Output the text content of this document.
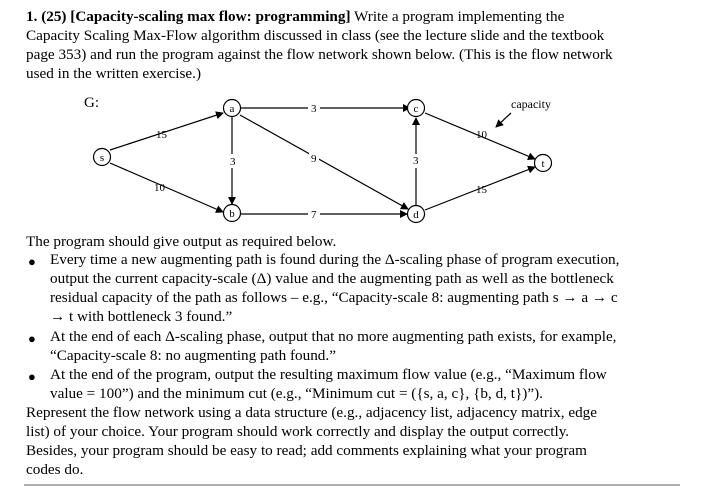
1. (25) [Capacity-scaling max flow: programming] Write a program implementing the
Capacity Scaling Max-Flow algorithm discussed in class (see the lecture slide and the textbook
page 353) and run the program against the flow network shown below. (This is the flow network
used in the written exercise.)
G:	capacity
15
10
3
3	9
7
3
10
15
s
a
b
c
d
t
The program should give output as required below.
● Every time a new augmenting path is found during the Δ-scaling phase of program execution,
output the current capacity-scale (Δ) value and the augmenting path as well as the bottleneck
residual capacity of the path as follows – e.g., “Capacity-scale 8: augmenting path s → a → c
→ t with bottleneck 3 found.”
● At the end of each Δ-scaling phase, output that no more augmenting path exists, for example,
“Capacity-scale 8: no augmenting path found.”
● At the end of the program, output the resulting maximum flow value (e.g., “Maximum flow
value = 100”) and the minimum cut (e.g., “Minimum cut = ({s, a, c}, {b, d, t})”).
Represent the flow network using a data structure (e.g., adjacency list, adjacency matrix, edge
list) of your choice. Your program should work correctly and display the output correctly.
Besides, your program should be easy to read; add comments explaining what your program
codes do.
